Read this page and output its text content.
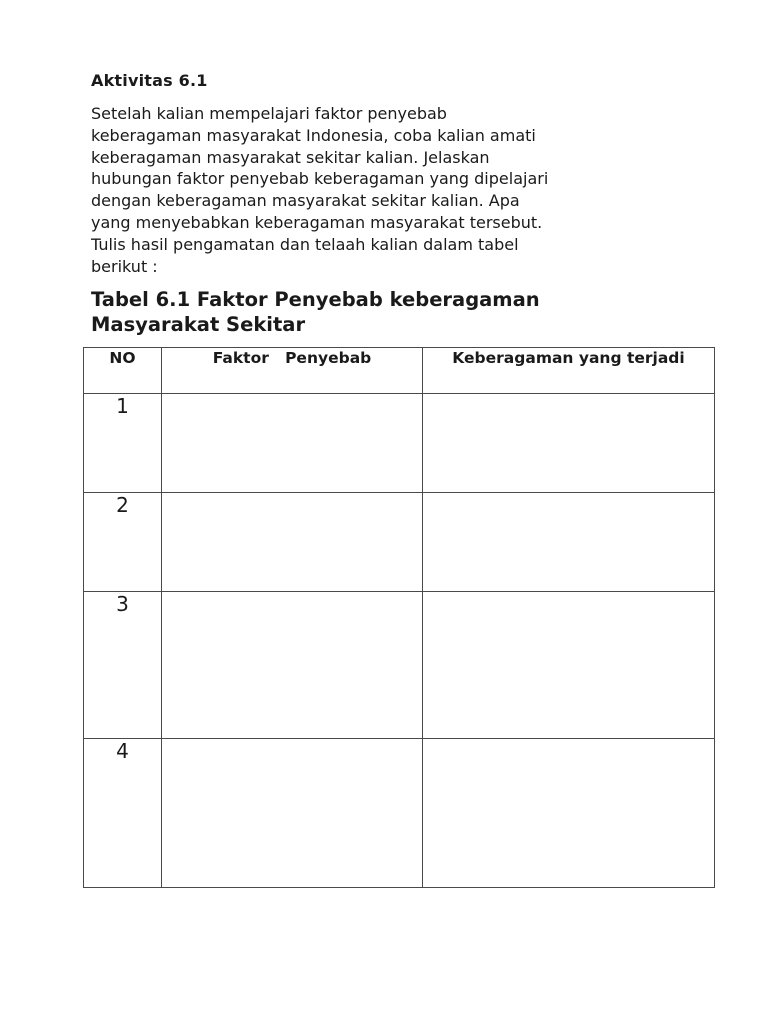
Aktivitas 6.1

Setelah kalian mempelajari faktor penyebab
keberagaman masyarakat Indonesia, coba kalian amati
keberagaman masyarakat sekitar kalian. Jelaskan
hubungan faktor penyebab keberagaman yang dipelajari
dengan keberagaman masyarakat sekitar kalian. Apa
yang menyebabkan keberagaman masyarakat tersebut.
Tulis hasil pengamatan dan telaah kalian dalam tabel
berikut :

Tabel 6.1 Faktor Penyebab keberagaman
Masyarakat Sekitar
NO	Faktor   Penyebab	Keberagaman yang terjadi

1		

2		

3		

4		
